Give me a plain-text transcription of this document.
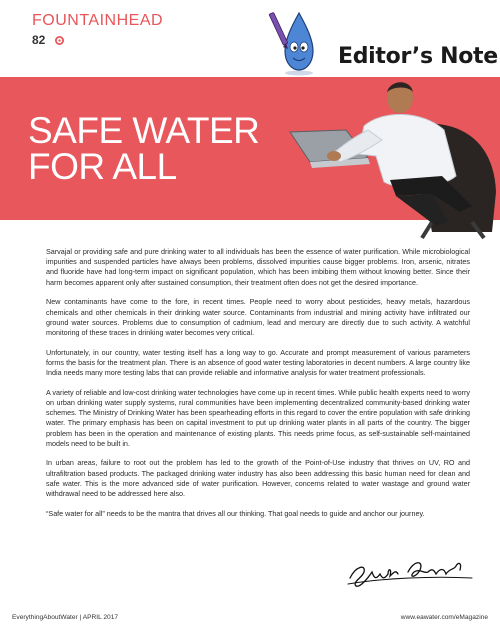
FOUNTAINHEAD
82
Editor’s Note
SAFE WATER
FOR ALL

Sarvajal or providing safe and pure drinking water to all individuals has been the essence of water purification. While microbiological impurities and suspended particles have always been problems, dissolved impurities cause bigger problems. Iron, arsenic, nitrates and fluoride have had long-term impact on significant population, which has been imbibing them without knowing better. Since their harm becomes apparent only after sustained consumption, their treatment often does not get the desired importance.

New contaminants have come to the fore, in recent times. People need to worry about pesticides, heavy metals, hazardous chemicals and other chemicals in their drinking water source. Contaminants from industrial and mining activity have infiltrated our ground water sources. Problems due to consumption of cadmium, lead and mercury are directly due to such activity. A watchful monitoring of these traces in drinking water becomes very critical.

Unfortunately, in our country, water testing itself has a long way to go. Accurate and prompt measurement of various parameters forms the basis for the treatment plan. There is an absence of good water testing laboratories in decent numbers. A large country like India needs many more testing labs that can provide reliable and informative analysis for water treatment professionals.

A variety of reliable and low-cost drinking water technologies have come up in recent times. While public health experts need to worry on urban drinking water supply systems, rural communities have been implementing decentralized community-based drinking water schemes. The Ministry of Drinking Water has been spearheading efforts in this regard to cover the entire population with safe drinking water. The primary emphasis has been on capital investment to put up drinking water plants in all parts of the country. The bigger problem has been in the operation and maintenance of existing plants. This needs prime focus, as self-sustainable self-maintained models need to be built in.

In urban areas, failure to root out the problem has led to the growth of the Point-of-Use industry that thrives on UV, RO and ultrafiltration based products. The packaged drinking water industry has also been addressing this basic human need for clean and safe water. This is the more advanced side of water purification. However, concerns related to water wastage and ground water withdrawal need to be addressed here also.

“Safe water for all” needs to be the mantra that drives all our thinking. That goal needs to guide and anchor our journey.

EverythingAboutWater | APRIL 2017	www.eawater.com/eMagazine
